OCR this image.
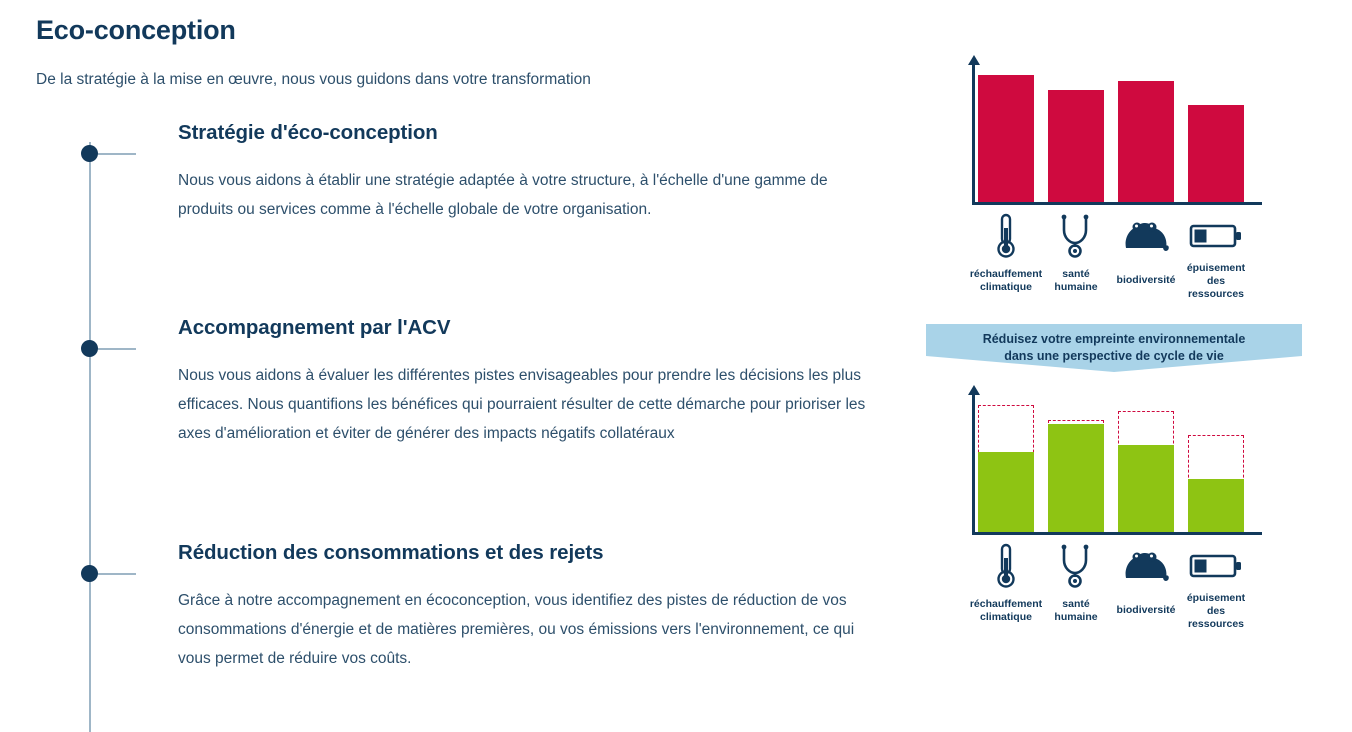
Eco-conception

De la stratégie à la mise en œuvre, nous vous guidons dans votre transformation

Stratégie d'éco-conception
Nous vous aidons à établir une stratégie adaptée à votre structure, à l'échelle d'une gamme de produits ou services comme à l'échelle globale de votre organisation.
Accompagnement par l'ACV
Nous vous aidons à évaluer les différentes pistes envisageables pour prendre les décisions les plus efficaces. Nous quantifions les bénéfices qui pourraient résulter de cette démarche pour prioriser les axes d'amélioration et éviter de générer des impacts négatifs collatéraux
Réduction des consommations et des rejets
Grâce à notre accompagnement en écoconception, vous identifiez des pistes de réduction de vos consommations d'énergie et de matières premières, ou vos émissions vers l'environnement, ce qui vous permet de réduire vos coûts.
réchauffement
climatique
santé
humaine
biodiversité
épuisement
des
ressources
Réduisez votre empreinte environnementale
dans une perspective de cycle de vie
réchauffement
climatique
santé
humaine
biodiversité
épuisement
des
ressources
